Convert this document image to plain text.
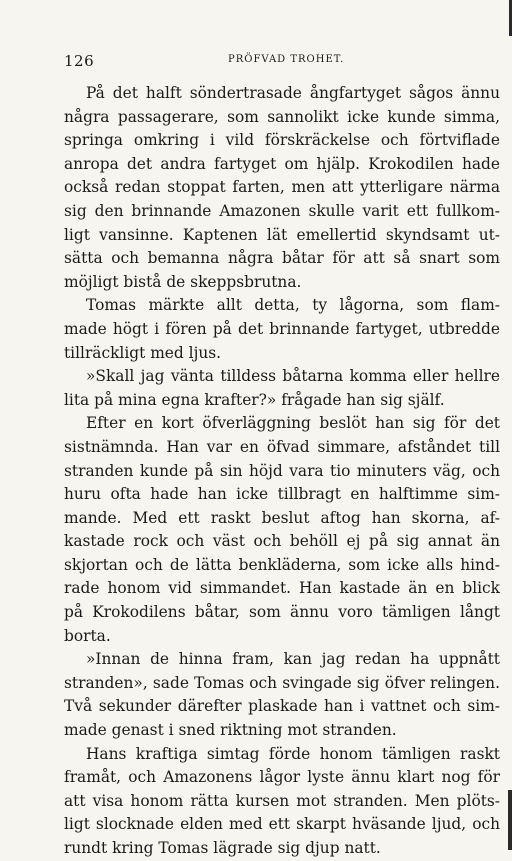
126	PRÖFVAD TROHET.
På det halft söndertrasade ångfartyget sågos ännu
några passagerare, som sannolikt icke kunde simma,
springa omkring i vild förskräckelse och förtviflade
anropa det andra fartyget om hjälp. Krokodilen hade
också redan stoppat farten, men att ytterligare närma
sig den brinnande Amazonen skulle varit ett fullkom-
ligt vansinne. Kaptenen lät emellertid skyndsamt ut-
sätta och bemanna några båtar för att så snart som
möjligt bistå de skeppsbrutna.
Tomas märkte allt detta, ty lågorna, som flam-
made högt i fören på det brinnande fartyget, utbredde
tillräckligt med ljus.
»Skall jag vänta tilldess båtarna komma eller hellre
lita på mina egna krafter?» frågade han sig själf.
Efter en kort öfverläggning beslöt han sig för det
sistnämnda. Han var en öfvad simmare, afståndet till
stranden kunde på sin höjd vara tio minuters väg, och
huru ofta hade han icke tillbragt en halftimme sim-
mande. Med ett raskt beslut aftog han skorna, af-
kastade rock och väst och behöll ej på sig annat än
skjortan och de lätta benkläderna, som icke alls hind-
rade honom vid simmandet. Han kastade än en blick
på Krokodilens båtar, som ännu voro tämligen långt
borta.
»Innan de hinna fram, kan jag redan ha uppnått
stranden», sade Tomas och svingade sig öfver relingen.
Två sekunder därefter plaskade han i vattnet och sim-
made genast i sned riktning mot stranden.
Hans kraftiga simtag förde honom tämligen raskt
framåt, och Amazonens lågor lyste ännu klart nog för
att visa honom rätta kursen mot stranden. Men plöts-
ligt slocknade elden med ett skarpt hväsande ljud, och
rundt kring Tomas lägrade sig djup natt.
